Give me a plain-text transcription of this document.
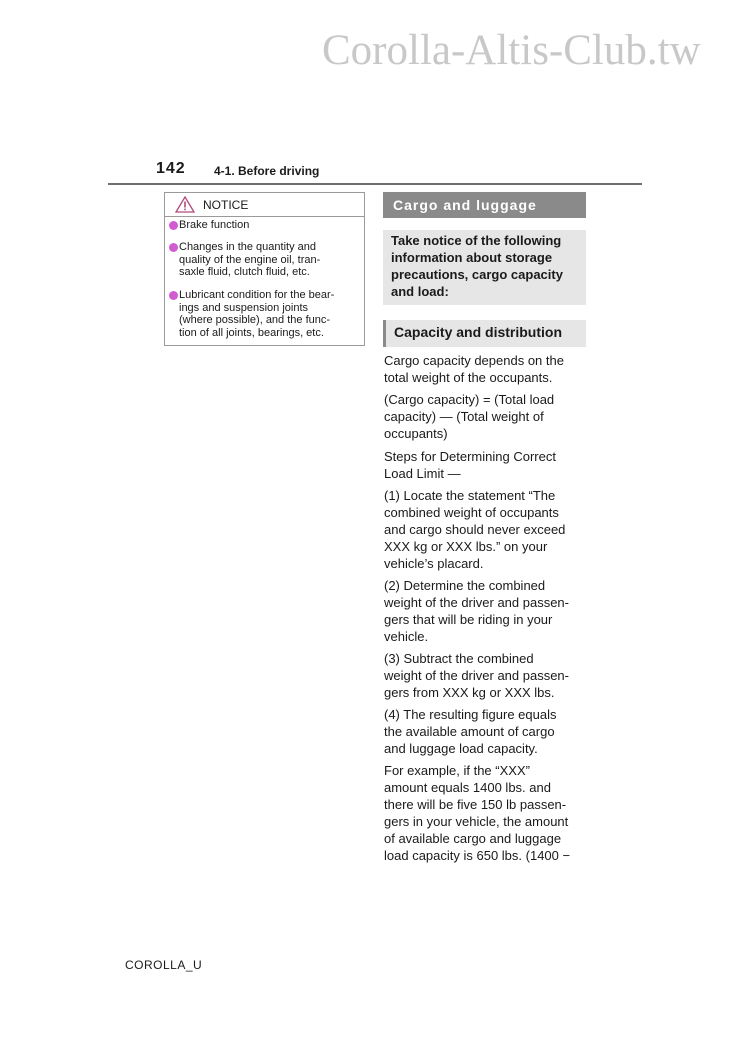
Corolla-Altis-Club.tw
142 4-1. Before driving
NOTICE
Brake function
Changes in the quantity and
quality of the engine oil, tran-
saxle fluid, clutch fluid, etc.
Lubricant condition for the bear-
ings and suspension joints
(where possible), and the func-
tion of all joints, bearings, etc.
Cargo and luggage
Take notice of the following
information about storage
precautions, cargo capacity
and load:
Capacity and distribution
Cargo capacity depends on the
total weight of the occupants.
(Cargo capacity) = (Total load
capacity) — (Total weight of
occupants)
Steps for Determining Correct
Load Limit —
(1) Locate the statement “The
combined weight of occupants
and cargo should never exceed
XXX kg or XXX lbs.” on your
vehicle’s placard.
(2) Determine the combined
weight of the driver and passen-
gers that will be riding in your
vehicle.
(3) Subtract the combined
weight of the driver and passen-
gers from XXX kg or XXX lbs.
(4) The resulting figure equals
the available amount of cargo
and luggage load capacity.
For example, if the “XXX”
amount equals 1400 lbs. and
there will be five 150 lb passen-
gers in your vehicle, the amount
of available cargo and luggage
load capacity is 650 lbs. (1400 −
COROLLA_U
